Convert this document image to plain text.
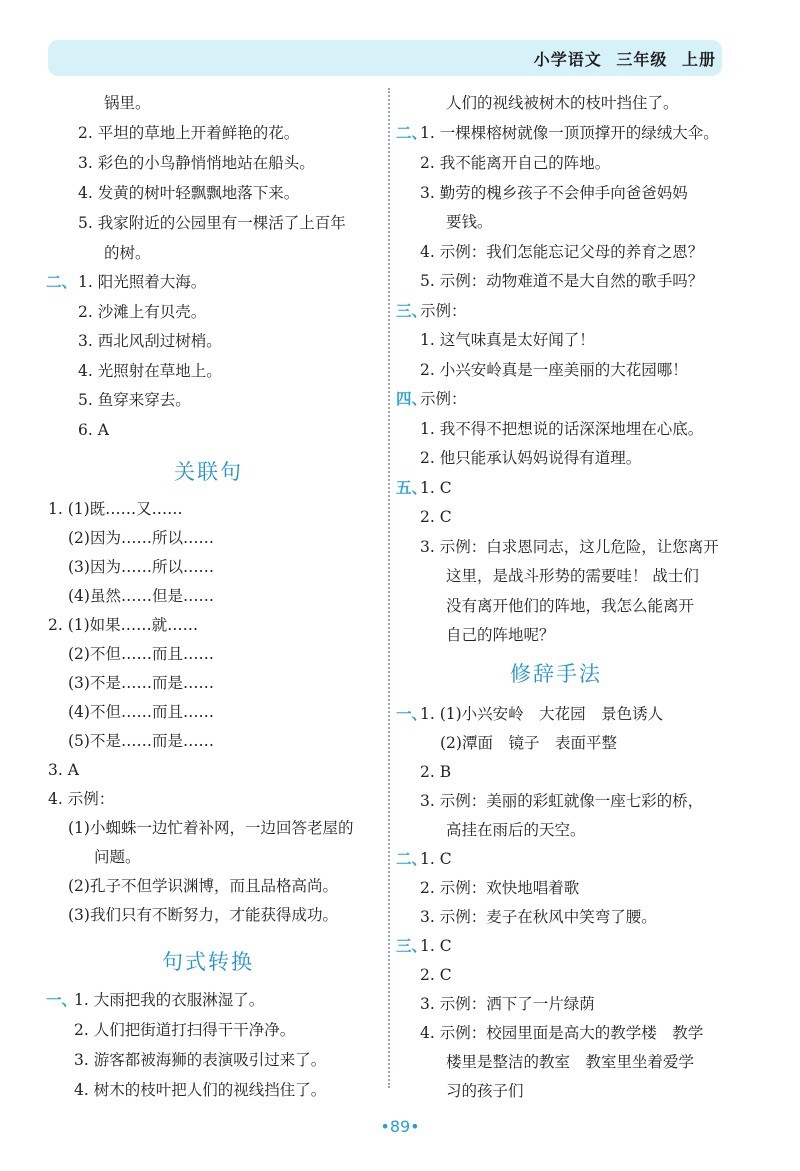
小学语文 三年级 上册
锅里。
2. 平坦的草地上开着鲜艳的花。
3. 彩色的小鸟静悄悄地站在船头。
4. 发黄的树叶轻飘飘地落下来。
5. 我家附近的公园里有一棵活了上百年
的树。
二、 1. 阳光照着大海。
2. 沙滩上有贝壳。
3. 西北风刮过树梢。
4. 光照射在草地上。
5. 鱼穿来穿去。
6. A
关联句
1. (1)既……又……
(2)因为……所以……
(3)因为……所以……
(4)虽然……但是……
2. (1)如果……就……
(2)不但……而且……
(3)不是……而是……
(4)不但……而且……
(5)不是……而是……
3. A
4. 示例：
(1)小蜘蛛一边忙着补网，一边回答老屋的
问题。
(2)孔子不但学识渊博，而且品格高尚。
(3)我们只有不断努力，才能获得成功。
句式转换
一、
1. 大雨把我的衣服淋湿了。
2. 人们把街道打扫得干干净净。
3. 游客都被海狮的表演吸引过来了。
4. 树木的枝叶把人们的视线挡住了。
人们的视线被树木的枝叶挡住了。
二、
1. 一棵棵榕树就像一顶顶撑开的绿绒大伞。
2. 我不能离开自己的阵地。
3. 勤劳的槐乡孩子不会伸手向爸爸妈妈
要钱。
4. 示例：我们怎能忘记父母的养育之恩？
5. 示例：动物难道不是大自然的歌手吗？
三、
示例：
1. 这气味真是太好闻了！
2. 小兴安岭真是一座美丽的大花园哪！
四、
示例：
1. 我不得不把想说的话深深地埋在心底。
2. 他只能承认妈妈说得有道理。
五、
1. C
2. C
3. 示例：白求恩同志，这儿危险，让您离开
这里，是战斗形势的需要哇！ 战士们
没有离开他们的阵地，我怎么能离开
自己的阵地呢？
修辞手法
一、
1. (1)小兴安岭　大花园　景色诱人
(2)潭面　镜子　表面平整
2. B
3. 示例：美丽的彩虹就像一座七彩的桥，
高挂在雨后的天空。
二、
1. C
2. 示例：欢快地唱着歌
3. 示例：麦子在秋风中笑弯了腰。
三、
1. C
2. C
3. 示例：洒下了一片绿荫
4. 示例：校园里面是高大的教学楼　教学
楼里是整洁的教室　教室里坐着爱学
习的孩子们
•89•
